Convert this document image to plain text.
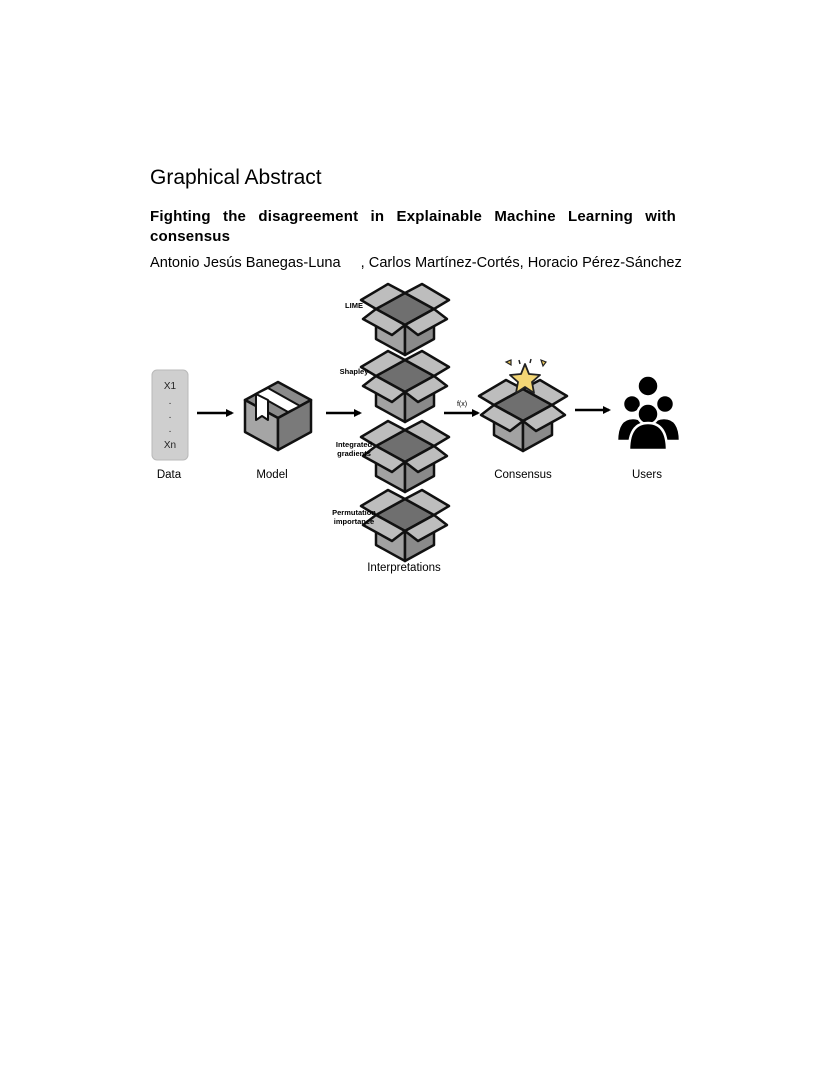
Graphical Abstract
Fighting the disagreement in Explainable Machine Learning with consensus
Antonio Jesús Banegas-Luna , Carlos Martínez-Cortés, Horacio Pérez-Sánchez
X1
·
·
·
Xn
Data	Model
LIME
Shapley
Integrated
gradients
Permutation
importance
Interpretations
f(x)
Consensus	Users
